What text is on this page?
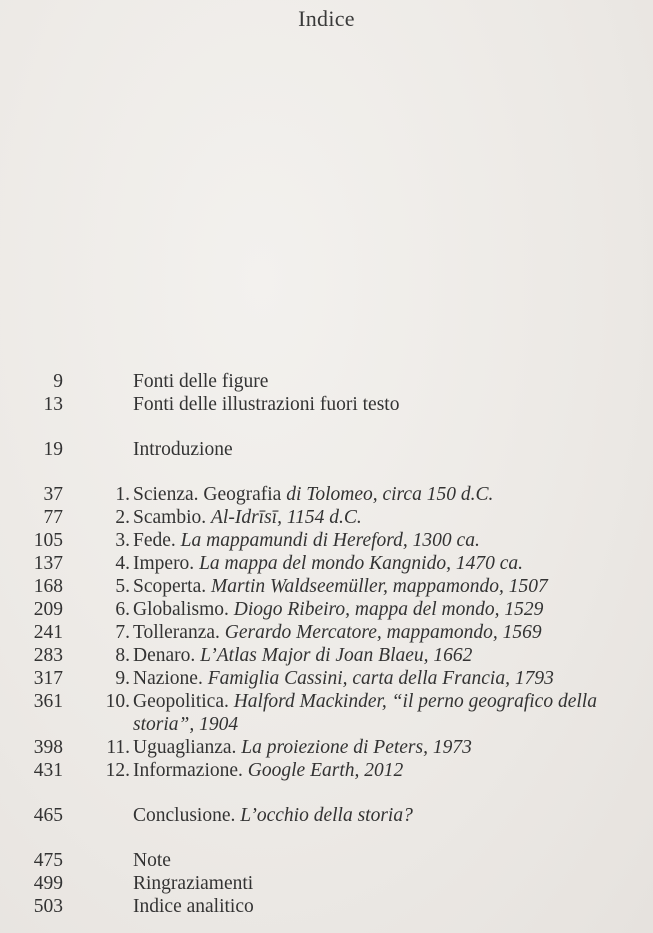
Indice
9	Fonti delle figure
13	Fonti delle illustrazioni fuori testo
19	Introduzione
37	1. Scienza. Geografia di Tolomeo, circa 150 d.C.
77	2. Scambio. Al-Idrīsī, 1154 d.C.
105	3. Fede. La mappamundi di Hereford, 1300 ca.
137	4. Impero. La mappa del mondo Kangnido, 1470 ca.
168	5. Scoperta. Martin Waldseemüller, mappamondo, 1507
209	6. Globalismo. Diogo Ribeiro, mappa del mondo, 1529
241	7. Tolleranza. Gerardo Mercatore, mappamondo, 1569
283	8. Denaro. L’Atlas Major di Joan Blaeu, 1662
317	9. Nazione. Famiglia Cassini, carta della Francia, 1793
361	10. Geopolitica. Halford Mackinder, “il perno geografico della storia”, 1904
398	11. Uguaglianza. La proiezione di Peters, 1973
431	12. Informazione. Google Earth, 2012
465	Conclusione. L’occhio della storia?
475	Note
499	Ringraziamenti
503	Indice analitico
